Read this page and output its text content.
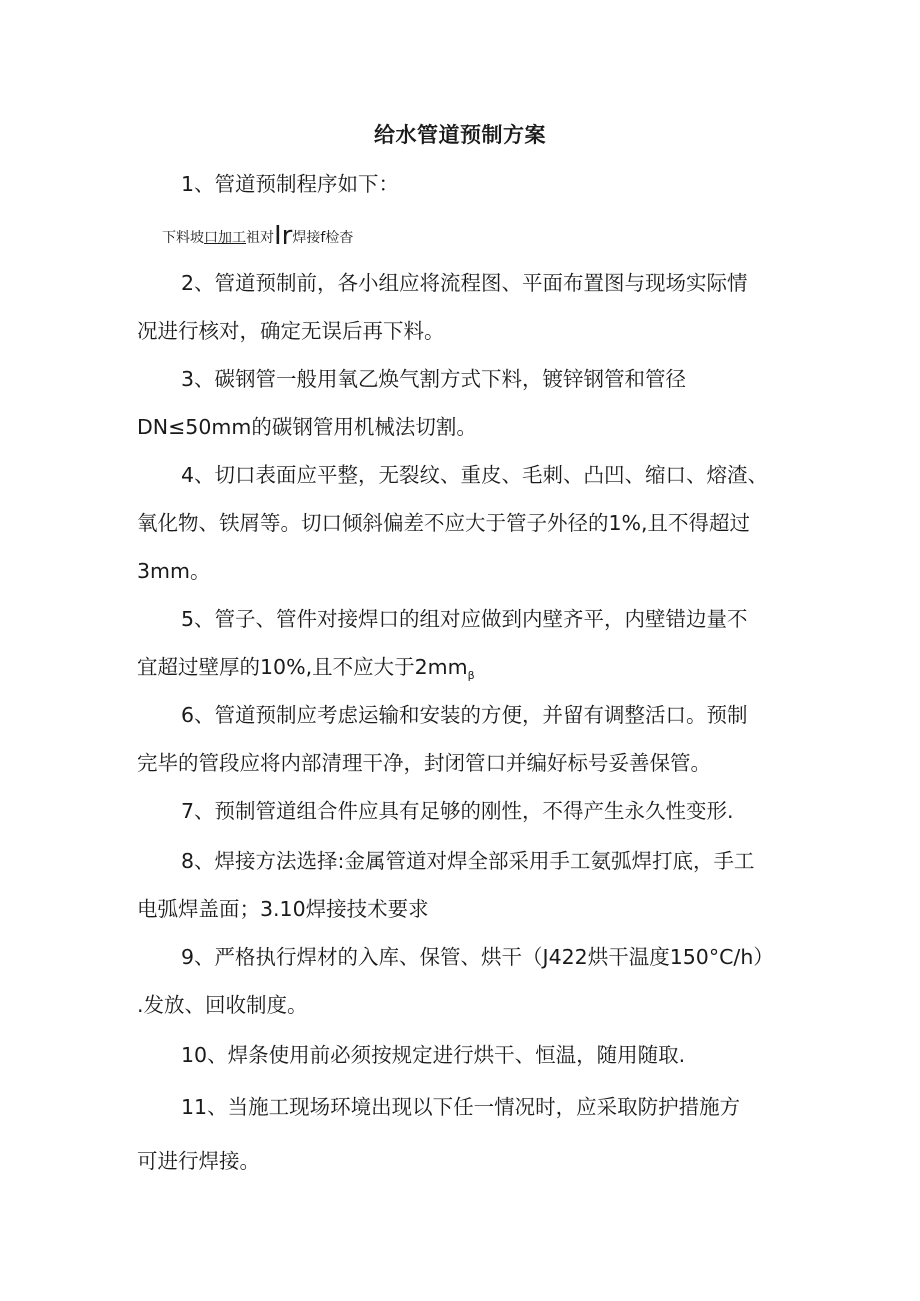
给水管道预制方案
1、管道预制程序如下：
下料坡口加工祖对Ir焊接f检杳
2、管道预制前，各小组应将流程图、平面布置图与现场实际情
况进行核对，确定无误后再下料。
3、碳钢管一般用氧乙焕气割方式下料，镀锌钢管和管径
DN≤50mm的碳钢管用机械法切割。
4、切口表面应平整，无裂纹、重皮、毛刺、凸凹、缩口、熔渣、
氧化物、铁屑等。切口倾斜偏差不应大于管子外径的1%,且不得超过
3mm。
5、管子、管件对接焊口的组对应做到内壁齐平，内壁错边量不
宜超过壁厚的10%,且不应大于$2mm_\beta$
6、管道预制应考虑运输和安装的方便，并留有调整活口。预制
完毕的管段应将内部清理干净，封闭管口并编好标号妥善保管。
7、预制管道组合件应具有足够的刚性，不得产生永久性变形.
8、焊接方法选择:金属管道对焊全部采用手工氨弧焊打底，手工
电弧焊盖面；3.10焊接技术要求
9、严格执行焊材的入库、保管、烘干（J422烘干温度150°C∕h）
.发放、回收制度。
10、焊条使用前必须按规定进行烘干、恒温，随用随取.
11、当施工现场环境出现以下任一情况时，应采取防护措施方
可进行焊接。
